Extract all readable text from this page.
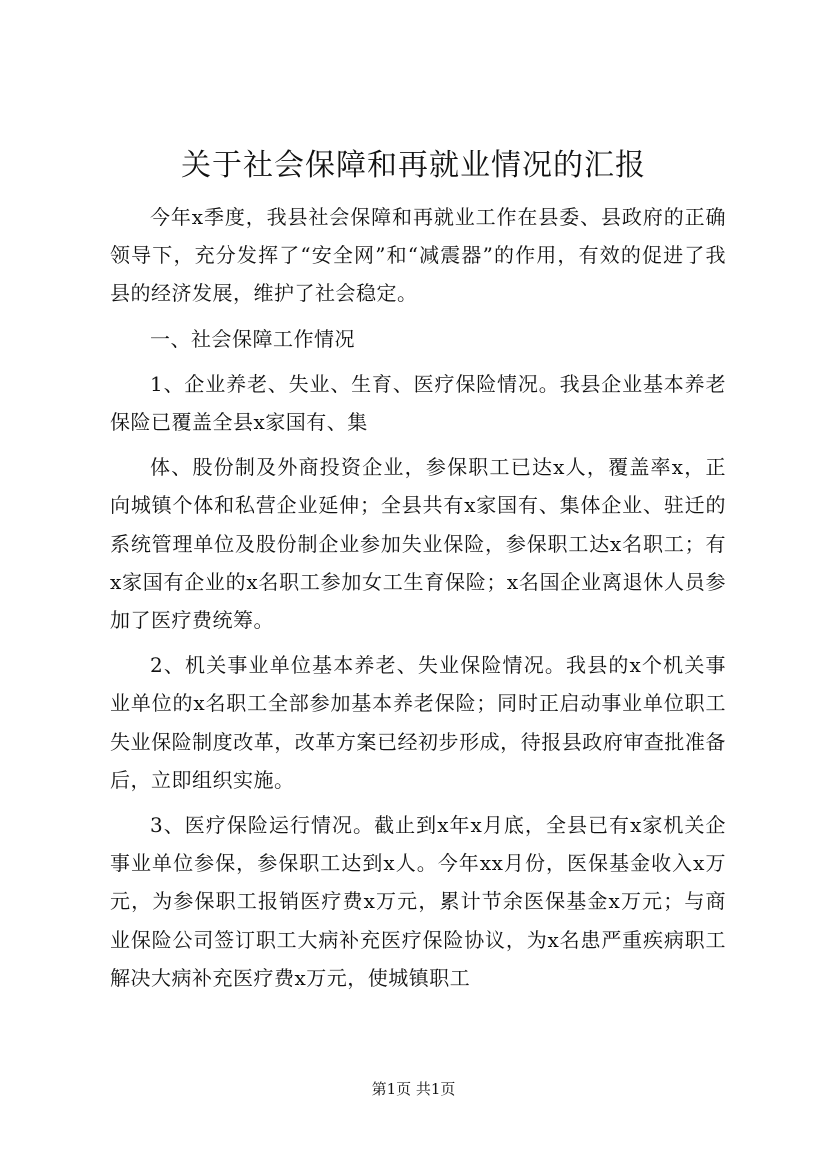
关于社会保障和再就业情况的汇报

今年x季度，我县社会保障和再就业工作在县委、县政府的正确领导下，充分发挥了“安全网”和“减震器”的作用，有效的促进了我县的经济发展，维护了社会稳定。

一、社会保障工作情况

1、企业养老、失业、生育、医疗保险情况。我县企业基本养老保险已覆盖全县x家国有、集

体、股份制及外商投资企业，参保职工已达x人，覆盖率x，正向城镇个体和私营企业延伸；全县共有x家国有、集体企业、驻迁的系统管理单位及股份制企业参加失业保险，参保职工达x名职工；有x家国有企业的x名职工参加女工生育保险；x名国企业离退休人员参加了医疗费统筹。

2、机关事业单位基本养老、失业保险情况。我县的x个机关事业单位的x名职工全部参加基本养老保险；同时正启动事业单位职工失业保险制度改革，改革方案已经初步形成，待报县政府审查批准备后，立即组织实施。

3、医疗保险运行情况。截止到x年x月底，全县已有x家机关企事业单位参保，参保职工达到x人。今年xx月份，医保基金收入x万元，为参保职工报销医疗费x万元，累计节余医保基金x万元；与商业保险公司签订职工大病补充医疗保险协议，为x名患严重疾病职工解决大病补充医疗费x万元，使城镇职工

第1页 共1页
